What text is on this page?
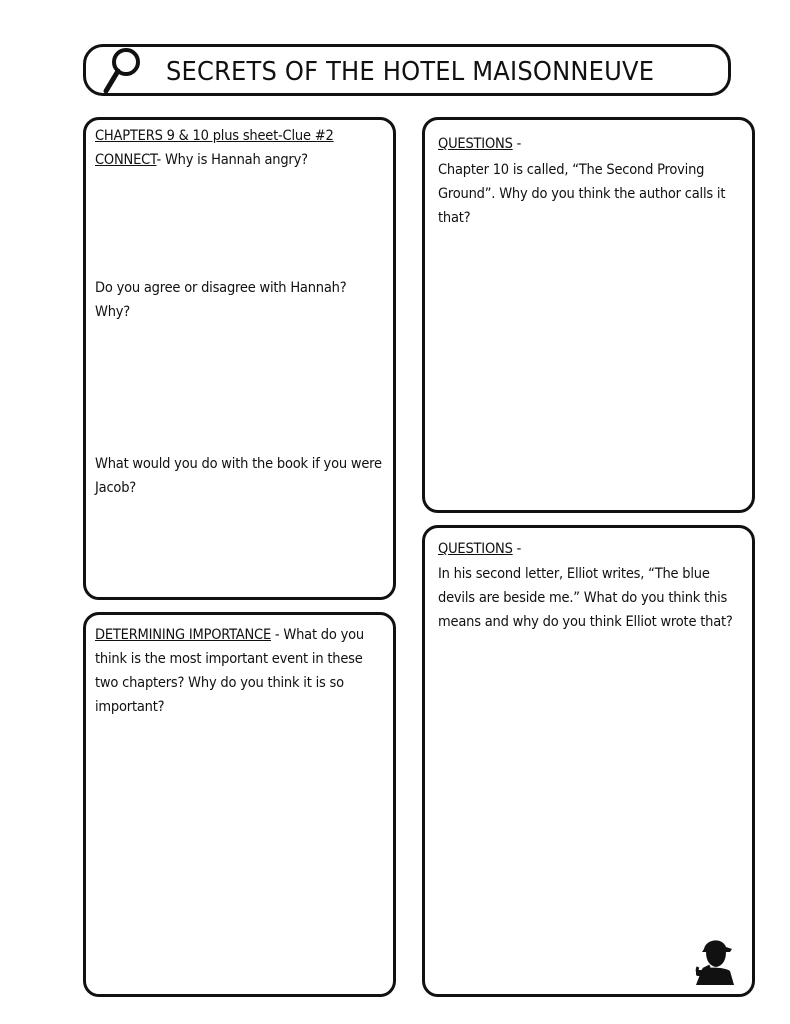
SECRETS OF THE HOTEL MAISONNEUVE
CHAPTERS 9 & 10 plus sheet-Clue #2
CONNECT- Why is Hannah angry?
Do you agree or disagree with Hannah? Why?
What would you do with the book if you were Jacob?
QUESTIONS -
Chapter 10 is called, “The Second Proving Ground”. Why do you think the author calls it that?
DETERMINING IMPORTANCE - What do you think is the most important event in these two chapters? Why do you think it is so important?
QUESTIONS -
In his second letter, Elliot writes, “The blue devils are beside me.” What do you think this means and why do you think Elliot wrote that?
